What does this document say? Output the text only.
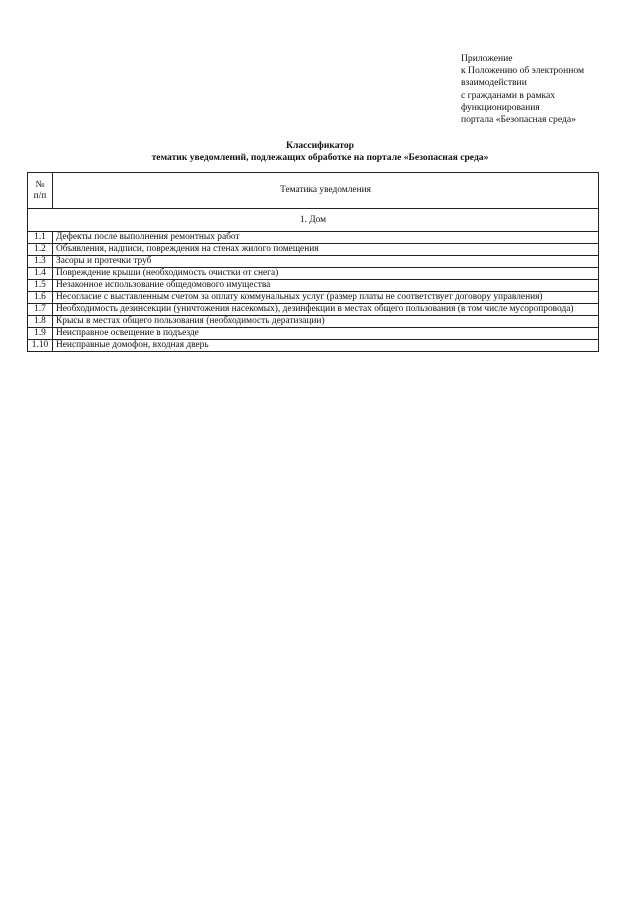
Приложение
к Положению об электронном
взаимодействии
с гражданами в рамках
функционирования
портала «Безопасная среда»
Классификатор
тематик уведомлений, подлежащих обработке на портале «Безопасная среда»
№
п/п	Тематика уведомления
1. Дом	
1.1	Дефекты после выполнения ремонтных работ
1.2	Объявления, надписи, повреждения на стенах жилого помещения
1.3	Засоры и протечки труб
1.4	Повреждение крыши (необходимость очистки от снега)
1.5	Незаконное использование общедомового имущества
1.6	Несогласие с выставленным счетом за оплату коммунальных услуг (размер платы не соответствует договору управления)
1.7	Необходимость дезинсекции (уничтожения насекомых), дезинфекции в местах общего пользования (в том числе мусоропровода)
1.8	Крысы в местах общего пользования (необходимость дератизации)
1.9	Неисправное освещение в подъезде
1.10	Неисправные домофон, входная дверь
